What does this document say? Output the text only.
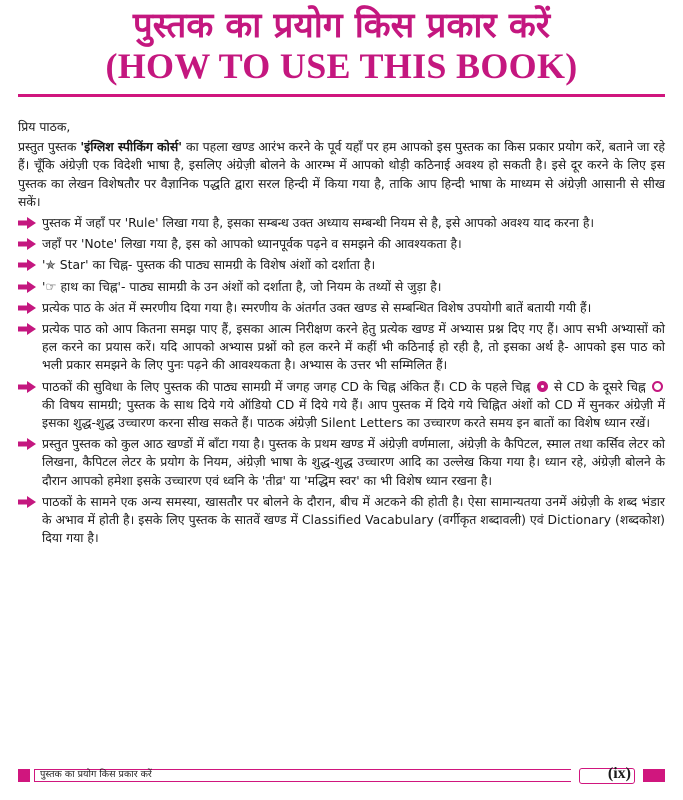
पुस्तक का प्रयोग किस प्रकार करें
(HOW TO USE THIS BOOK)

प्रिय पाठक,

प्रस्तुत पुस्तक 'इंग्लिश स्पीकिंग कोर्स' का पहला खण्ड आरंभ करने के पूर्व यहाँ पर हम आपको इस पुस्तक का किस प्रकार प्रयोग करें, बताने जा रहे हैं। चूँकि अंग्रेज़ी एक विदेशी भाषा है, इसलिए अंग्रेज़ी बोलने के आरम्भ में आपको थोड़ी कठिनाई अवश्य हो सकती है। इसे दूर करने के लिए इस पुस्तक का लेखन विशेषतौर पर वैज्ञानिक पद्धति द्वारा सरल हिन्दी में किया गया है, ताकि आप हिन्दी भाषा के माध्यम से अंग्रेज़ी आसानी से सीख सकें।

पुस्तक में जहाँ पर 'Rule' लिखा गया है, इसका सम्बन्ध उक्त अध्याय सम्बन्धी नियम से है, इसे आपको अवश्य याद करना है।
जहाँ पर 'Note' लिखा गया है, इस को आपको ध्यानपूर्वक पढ़ने व समझने की आवश्यकता है।
'✯ Star' का चिह्न- पुस्तक की पाठ्य सामग्री के विशेष अंशों को दर्शाता है।
'☞ हाथ का चिह्न'- पाठ्य सामग्री के उन अंशों को दर्शाता है, जो नियम के तथ्यों से जुड़ा है।
प्रत्येक पाठ के अंत में स्मरणीय दिया गया है। स्मरणीय के अंतर्गत उक्त खण्ड से सम्बन्धित विशेष उपयोगी बातें बतायी गयी हैं।
प्रत्येक पाठ को आप कितना समझ पाए हैं, इसका आत्म निरीक्षण करने हेतु प्रत्येक खण्ड में अभ्यास प्रश्न दिए गए हैं। आप सभी अभ्यासों को हल करने का प्रयास करें। यदि आपको अभ्यास प्रश्नों को हल करने में कहीं भी कठिनाई हो रही है, तो इसका अर्थ है- आपको इस पाठ को भली प्रकार समझने के लिए पुनः पढ़ने की आवश्यकता है। अभ्यास के उत्तर भी सम्मिलित हैं।
पाठकों की सुविधा के लिए पुस्तक की पाठ्य सामग्री में जगह जगह CD के चिह्न अंकित हैं। CD के पहले चिह्न से CD के दूसरे चिह्न  की विषय सामग्री; पुस्तक के साथ दिये गये ऑडियो CD में दिये गये हैं। आप पुस्तक में दिये गये चिह्नित अंशों को CD में सुनकर अंग्रेज़ी में इसका शुद्ध-शुद्ध उच्चारण करना सीख सकते हैं। पाठक अंग्रेज़ी Silent Letters का उच्चारण करते समय इन बातों का विशेष ध्यान रखें।
प्रस्तुत पुस्तक को कुल आठ खण्डों में बाँटा गया है। पुस्तक के प्रथम खण्ड में अंग्रेज़ी वर्णमाला, अंग्रेज़ी के कैपिटल, स्माल तथा कर्सिव लेटर को लिखना, कैपिटल लेटर के प्रयोग के नियम, अंग्रेज़ी भाषा के शुद्ध-शुद्ध उच्चारण आदि का उल्लेख किया गया है। ध्यान रहे, अंग्रेज़ी बोलने के दौरान आपको हमेशा इसके उच्चारण एवं ध्वनि के 'तीव्र' या 'मद्धिम स्वर' का भी विशेष ध्यान रखना है।
पाठकों के सामने एक अन्य समस्या, खासतौर पर बोलने के दौरान, बीच में अटकने की होती है। ऐसा सामान्यतया उनमें अंग्रेज़ी के शब्द भंडार के अभाव में होती है। इसके लिए पुस्तक के सातवें खण्ड में Classified Vacabulary (वर्गीकृत शब्दावली) एवं Dictionary (शब्दकोश) दिया गया है।
पुस्तक का प्रयोग किस प्रकार करें	(ix)
